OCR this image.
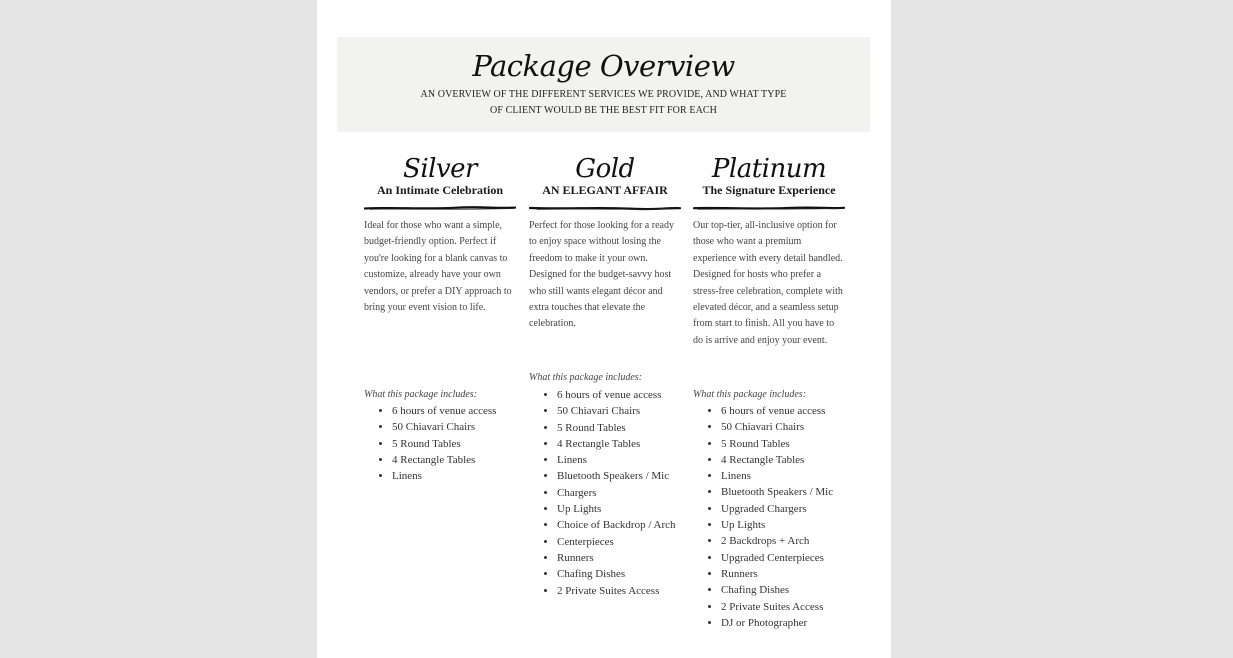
Package Overview
AN OVERVIEW OF THE DIFFERENT SERVICES WE PROVIDE, AND WHAT TYPE OF CLIENT WOULD BE THE BEST FIT FOR EACH
Silver
An Intimate Celebration
Ideal for those who want a simple, budget-friendly option. Perfect if you're looking for a blank canvas to customize, already have your own vendors, or prefer a DIY approach to bring your event vision to life.
What this package includes:
• 6 hours of venue access
• 50 Chiavari Chairs
• 5 Round Tables
• 4 Rectangle Tables
• Linens
Gold
AN ELEGANT AFFAIR
Perfect for those looking for a ready to enjoy space without losing the freedom to make it your own. Designed for the budget-savvy host who still wants elegant décor and extra touches that elevate the celebration.
What this package includes:
• 6 hours of venue access
• 50 Chiavari Chairs
• 5 Round Tables
• 4 Rectangle Tables
• Linens
• Bluetooth Speakers / Mic
• Chargers
• Up Lights
• Choice of Backdrop / Arch
• Centerpieces
• Runners
• Chafing Dishes
• 2 Private Suites Access
Platinum
The Signature Experience
Our top-tier, all-inclusive option for those who want a premium experience with every detail handled. Designed for hosts who prefer a stress-free celebration, complete with elevated décor, and a seamless setup from start to finish. All you have to do is arrive and enjoy your event.
What this package includes:
• 6 hours of venue access
• 50 Chiavari Chairs
• 5 Round Tables
• 4 Rectangle Tables
• Linens
• Bluetooth Speakers / Mic
• Upgraded Chargers
• Up Lights
• 2 Backdrops + Arch
• Upgraded Centerpieces
• Runners
• Chafing Dishes
• 2 Private Suites Access
• DJ or Photographer
